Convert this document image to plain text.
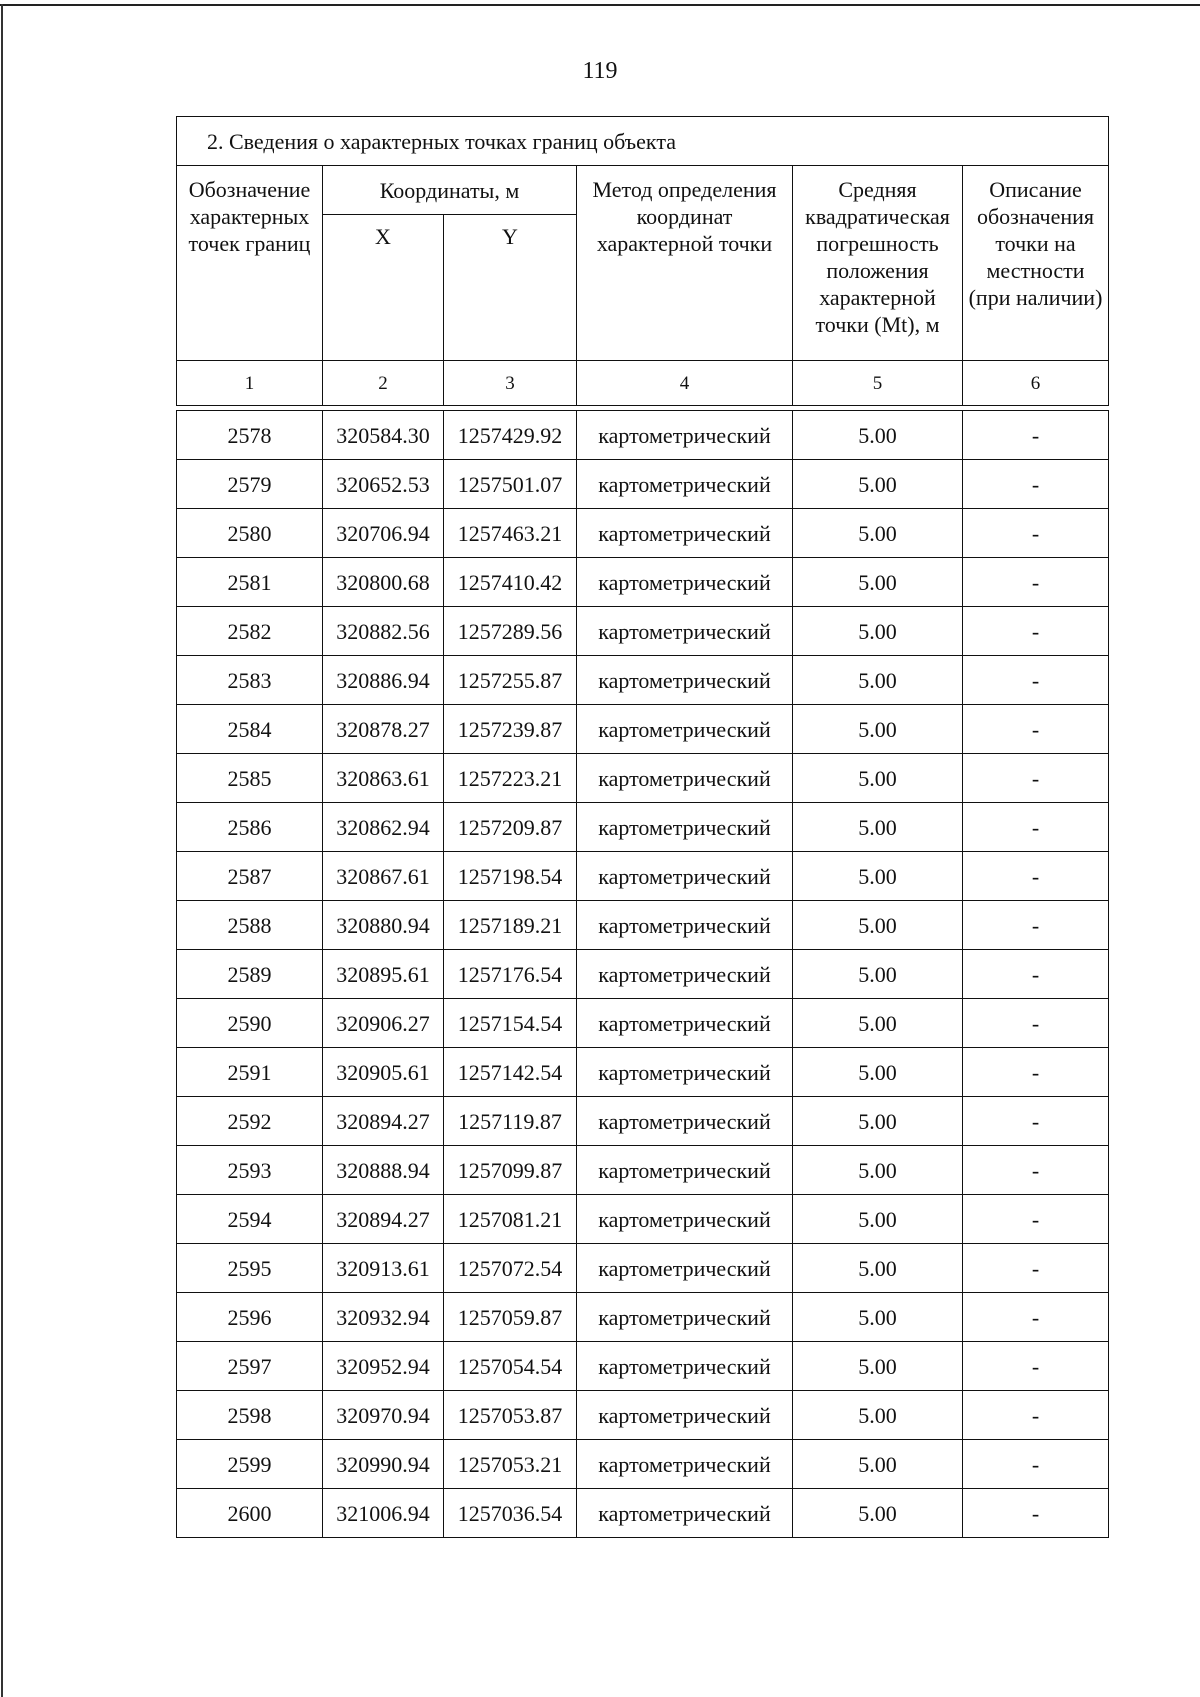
119
2. Сведения о характерных точках границ объекта					
Обозначение характерных точек границ	Координаты, м		Метод определения координат характерной точки	Средняя квадратическая погрешность положения характерной точки (Mt), м	Описание обозначения точки на местности (при наличии)
	X	Y			
1	2	3	4	5	6

2578	320584.30	1257429.92	картометрический	5.00	-
2579	320652.53	1257501.07	картометрический	5.00	-
2580	320706.94	1257463.21	картометрический	5.00	-
2581	320800.68	1257410.42	картометрический	5.00	-
2582	320882.56	1257289.56	картометрический	5.00	-
2583	320886.94	1257255.87	картометрический	5.00	-
2584	320878.27	1257239.87	картометрический	5.00	-
2585	320863.61	1257223.21	картометрический	5.00	-
2586	320862.94	1257209.87	картометрический	5.00	-
2587	320867.61	1257198.54	картометрический	5.00	-
2588	320880.94	1257189.21	картометрический	5.00	-
2589	320895.61	1257176.54	картометрический	5.00	-
2590	320906.27	1257154.54	картометрический	5.00	-
2591	320905.61	1257142.54	картометрический	5.00	-
2592	320894.27	1257119.87	картометрический	5.00	-
2593	320888.94	1257099.87	картометрический	5.00	-
2594	320894.27	1257081.21	картометрический	5.00	-
2595	320913.61	1257072.54	картометрический	5.00	-
2596	320932.94	1257059.87	картометрический	5.00	-
2597	320952.94	1257054.54	картометрический	5.00	-
2598	320970.94	1257053.87	картометрический	5.00	-
2599	320990.94	1257053.21	картометрический	5.00	-
2600	321006.94	1257036.54	картометрический	5.00	-
